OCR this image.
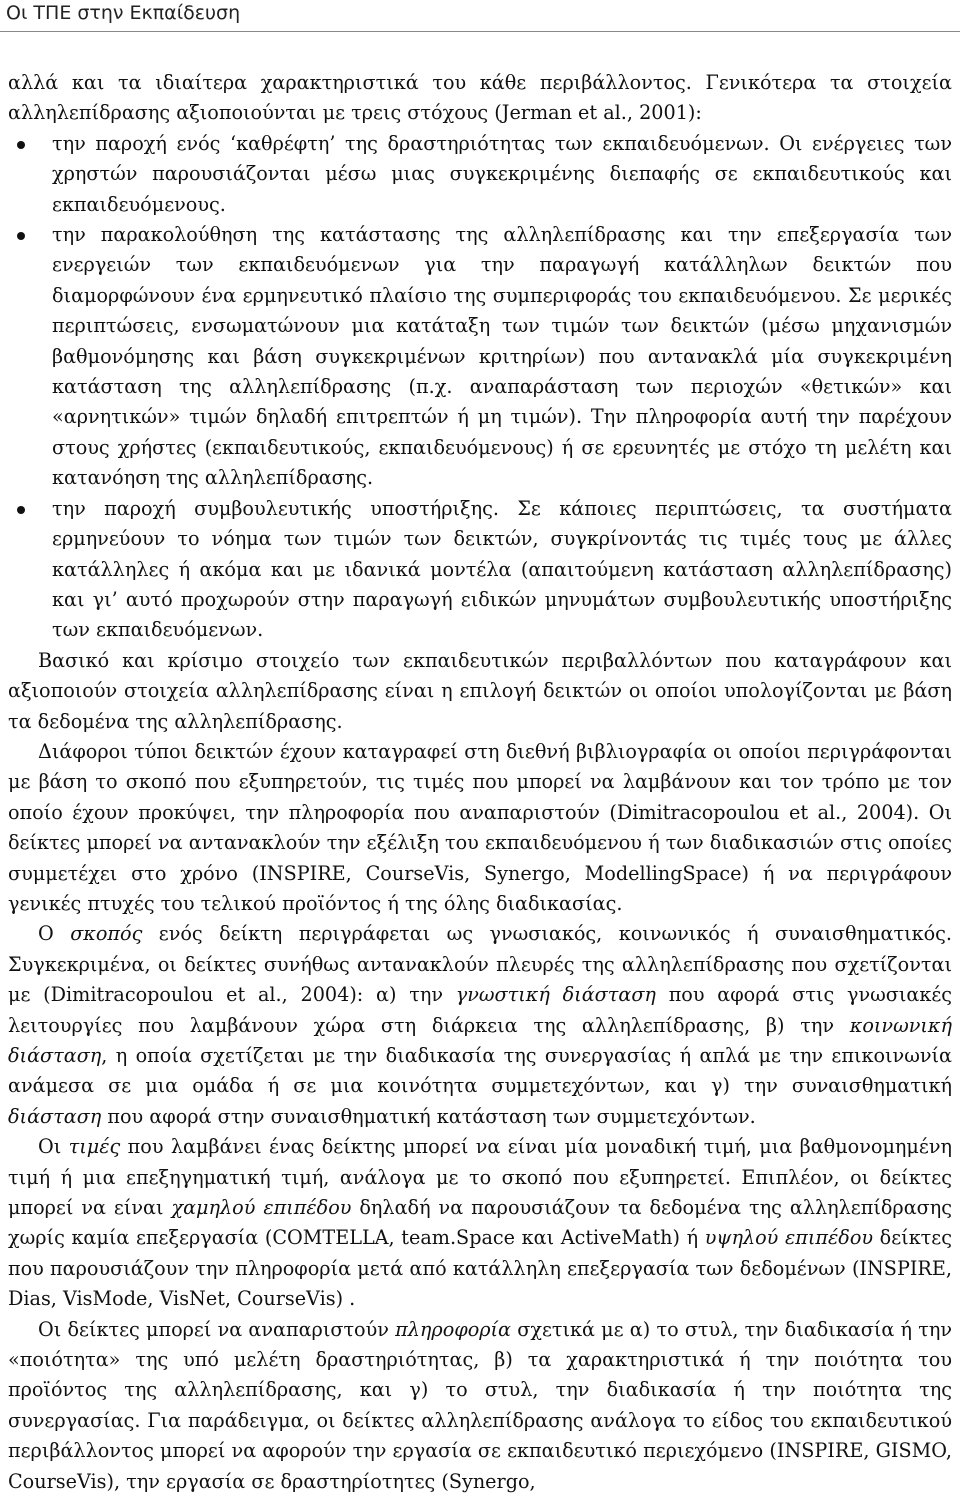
Οι ΤΠΕ στην Εκπαίδευση

αλλά και τα ιδιαίτερα χαρακτηριστικά του κάθε περιβάλλοντος. Γενικότερα τα στοιχεία αλληλεπίδρασης αξιοποιούνται με τρεις στόχους (Jerman et al., 2001):

την παροχή ενός ‘καθρέφτη’ της δραστηριότητας των εκπαιδευόμενων. Οι ενέργειες των χρηστών παρουσιάζονται μέσω μιας συγκεκριμένης διεπαφής σε εκπαιδευτικούς και εκπαιδευόμενους.
την παρακολούθηση της κατάστασης της αλληλεπίδρασης και την επεξεργασία των ενεργειών των εκπαιδευόμενων για την παραγωγή κατάλληλων δεικτών που διαμορφώνουν ένα ερμηνευτικό πλαίσιο της συμπεριφοράς του εκπαιδευόμενου. Σε μερικές περιπτώσεις, ενσωματώνουν μια κατάταξη των τιμών των δεικτών (μέσω μηχανισμών βαθμονόμησης και βάση συγκεκριμένων κριτηρίων) που αντανακλά μία συγκεκριμένη κατάσταση της αλληλεπίδρασης (π.χ. αναπαράσταση των περιοχών «θετικών» και «αρνητικών» τιμών δηλαδή επιτρεπτών ή μη τιμών). Την πληροφορία αυτή την παρέχουν στους χρήστες (εκπαιδευτικούς, εκπαιδευόμενους) ή σε ερευνητές με στόχο τη μελέτη και κατανόηση της αλληλεπίδρασης.
την παροχή συμβουλευτικής υποστήριξης. Σε κάποιες περιπτώσεις, τα συστήματα ερμηνεύουν το νόημα των τιμών των δεικτών, συγκρίνοντάς τις τιμές τους με άλλες κατάλληλες ή ακόμα και με ιδανικά μοντέλα (απαιτούμενη κατάσταση αλληλεπίδρασης) και γι’ αυτό προχωρούν στην παραγωγή ειδικών μηνυμάτων συμβουλευτικής υποστήριξης των εκπαιδευόμενων.

Βασικό και κρίσιμο στοιχείο των εκπαιδευτικών περιβαλλόντων που καταγράφουν και αξιοποιούν στοιχεία αλληλεπίδρασης είναι η επιλογή δεικτών οι οποίοι υπολογίζονται με βάση τα δεδομένα της αλληλεπίδρασης.

Διάφοροι τύποι δεικτών έχουν καταγραφεί στη διεθνή βιβλιογραφία οι οποίοι περιγράφονται με βάση το σκοπό που εξυπηρετούν, τις τιμές που μπορεί να λαμβάνουν και τον τρόπο με τον οποίο έχουν προκύψει, την πληροφορία που αναπαριστούν (Dimitracopoulou et al., 2004). Οι δείκτες μπορεί να αντανακλούν την εξέλιξη του εκπαιδευόμενου ή των διαδικασιών στις οποίες συμμετέχει στο χρόνο (INSPIRE, CourseVis, Synergo, ModellingSpace) ή να περιγράφουν γενικές πτυχές του τελικού προϊόντος ή της όλης διαδικασίας.

Ο σκοπός ενός δείκτη περιγράφεται ως γνωσιακός, κοινωνικός ή συναισθηματικός. Συγκεκριμένα, οι δείκτες συνήθως αντανακλούν πλευρές της αλληλεπίδρασης που σχετίζονται με (Dimitracopoulou et al., 2004): α) την γνωστική διάσταση που αφορά στις γνωσιακές λειτουργίες που λαμβάνουν χώρα στη διάρκεια της αλληλεπίδρασης, β) την κοινωνική διάσταση, η οποία σχετίζεται με την διαδικασία της συνεργασίας ή απλά με την επικοινωνία ανάμεσα σε μια ομάδα ή σε μια κοινότητα συμμετεχόντων, και γ) την συναισθηματική διάσταση που αφορά στην συναισθηματική κατάσταση των συμμετεχόντων.

Οι τιμές που λαμβάνει ένας δείκτης μπορεί να είναι μία μοναδική τιμή, μια βαθμονομημένη τιμή ή μια επεξηγηματική τιμή, ανάλογα με το σκοπό που εξυπηρετεί. Επιπλέον, οι δείκτες μπορεί να είναι χαμηλού επιπέδου δηλαδή να παρουσιάζουν τα δεδομένα της αλληλεπίδρασης χωρίς καμία επεξεργασία (COMTELLA, team.Space και ActiveMath) ή υψηλού επιπέδου δείκτες που παρουσιάζουν την πληροφορία μετά από κατάλληλη επεξεργασία των δεδομένων (INSPIRE, Dias, VisMode, VisNet, CourseVis) .

Οι δείκτες μπορεί να αναπαριστούν πληροφορία σχετικά με α) το στυλ, την διαδικασία ή την «ποιότητα» της υπό μελέτη δραστηριότητας, β) τα χαρακτηριστικά ή την ποιότητα του προϊόντος της αλληλεπίδρασης, και γ) το στυλ, την διαδικασία ή την ποιότητα της συνεργασίας. Για παράδειγμα, οι δείκτες αλληλεπίδρασης ανάλογα το είδος του εκπαιδευτικού περιβάλλοντος μπορεί να αφορούν την εργασία σε εκπαιδευτικό περιεχόμενο (INSPIRE, GISMO, CourseVis), την εργασία σε δραστηρίοτητες (Synergo,
